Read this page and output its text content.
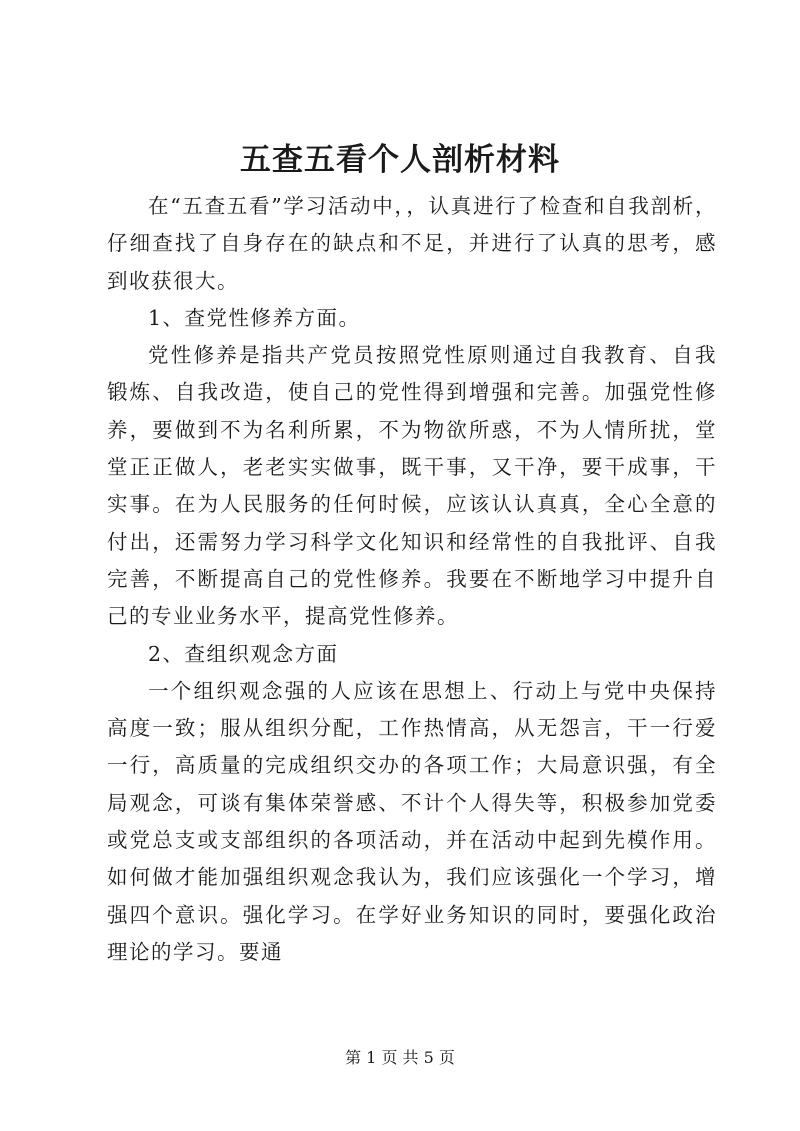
五查五看个人剖析材料

在“五查五看”学习活动中，，认真进行了检查和自我剖析，仔细查找了自身存在的缺点和不足，并进行了认真的思考，感到收获很大。

1、查党性修养方面。

党性修养是指共产党员按照党性原则通过自我教育、自我锻炼、自我改造，使自己的党性得到增强和完善。加强党性修养，要做到不为名利所累，不为物欲所惑，不为人情所扰，堂堂正正做人，老老实实做事，既干事，又干净，要干成事，干实事。在为人民服务的任何时候，应该认认真真，全心全意的付出，还需努力学习科学文化知识和经常性的自我批评、自我完善，不断提高自己的党性修养。我要在不断地学习中提升自己的专业业务水平，提高党性修养。

2、查组织观念方面

一个组织观念强的人应该在思想上、行动上与党中央保持高度一致；服从组织分配，工作热情高，从无怨言，干一行爱一行，高质量的完成组织交办的各项工作；大局意识强，有全局观念，可谈有集体荣誉感、不计个人得失等，积极参加党委或党总支或支部组织的各项活动，并在活动中起到先模作用。如何做才能加强组织观念我认为，我们应该强化一个学习，增强四个意识。强化学习。在学好业务知识的同时，要强化政治理论的学习。要通

第 1 页 共 5 页
